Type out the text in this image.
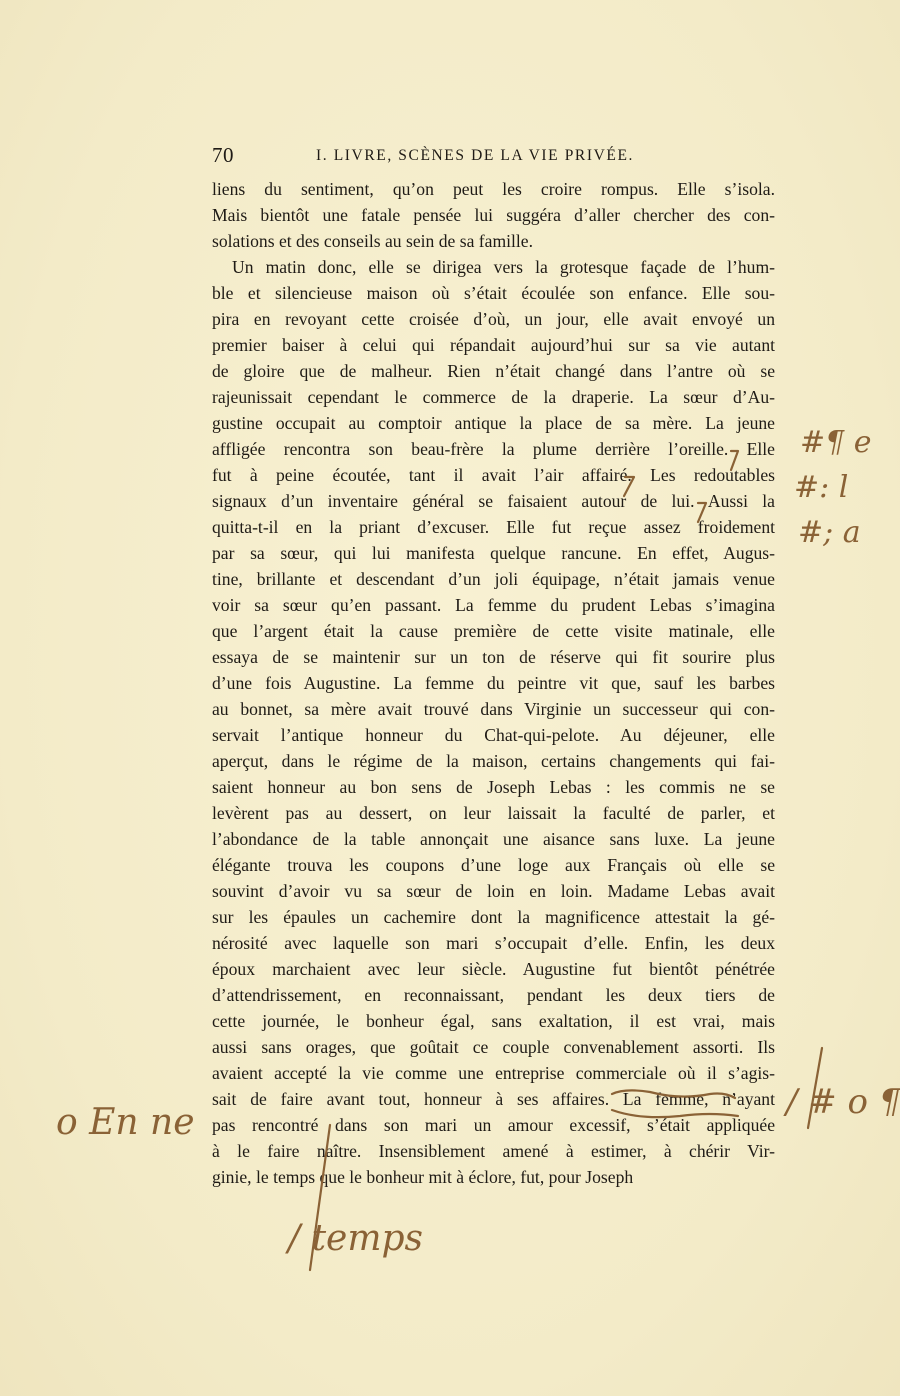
70	I. LIVRE, SCÈNES DE LA VIE PRIVÉE.
liens du sentiment, qu’on peut les croire rompus. Elle s’isola.
Mais bientôt une fatale pensée lui suggéra d’aller chercher des con-
solations et des conseils au sein de sa famille.
Un matin donc, elle se dirigea vers la grotesque façade de l’hum-
ble et silencieuse maison où s’était écoulée son enfance. Elle sou-
pira en revoyant cette croisée d’où, un jour, elle avait envoyé un
premier baiser à celui qui répandait aujourd’hui sur sa vie autant
de gloire que de malheur. Rien n’était changé dans l’antre où se
rajeunissait cependant le commerce de la draperie. La sœur d’Au-
gustine occupait au comptoir antique la place de sa mère. La jeune
affligée rencontra son beau-frère la plume derrière l’oreille. Elle
fut à peine écoutée, tant il avait l’air affairé. Les redoutables
signaux d’un inventaire général se faisaient autour de lui. Aussi la
quitta-t-il en la priant d’excuser. Elle fut reçue assez froidement
par sa sœur, qui lui manifesta quelque rancune. En effet, Augus-
tine, brillante et descendant d’un joli équipage, n’était jamais venue
voir sa sœur qu’en passant. La femme du prudent Lebas s’imagina
que l’argent était la cause première de cette visite matinale, elle
essaya de se maintenir sur un ton de réserve qui fit sourire plus
d’une fois Augustine. La femme du peintre vit que, sauf les barbes
au bonnet, sa mère avait trouvé dans Virginie un successeur qui con-
servait l’antique honneur du Chat-qui-pelote. Au déjeuner, elle
aperçut, dans le régime de la maison, certains changements qui fai-
saient honneur au bon sens de Joseph Lebas : les commis ne se
levèrent pas au dessert, on leur laissait la faculté de parler, et
l’abondance de la table annonçait une aisance sans luxe. La jeune
élégante trouva les coupons d’une loge aux Français où elle se
souvint d’avoir vu sa sœur de loin en loin. Madame Lebas avait
sur les épaules un cachemire dont la magnificence attestait la gé-
nérosité avec laquelle son mari s’occupait d’elle. Enfin, les deux
époux marchaient avec leur siècle. Augustine fut bientôt pénétrée
d’attendrissement, en reconnaissant, pendant les deux tiers de
cette journée, le bonheur égal, sans exaltation, il est vrai, mais
aussi sans orages, que goûtait ce couple convenablement assorti. Ils
avaient accepté la vie comme une entreprise commerciale où il s’agis-
sait de faire avant tout, honneur à ses affaires. La femme, n’ayant
pas rencontré dans son mari un amour excessif, s’était appliquée
à le faire naître. Insensiblement amené à estimer, à chérir Vir-
ginie, le temps que le bonheur mit à éclore, fut, pour Joseph
#¶ e
#: l
#; a
/ # o ¶
o En ne
/ temps
